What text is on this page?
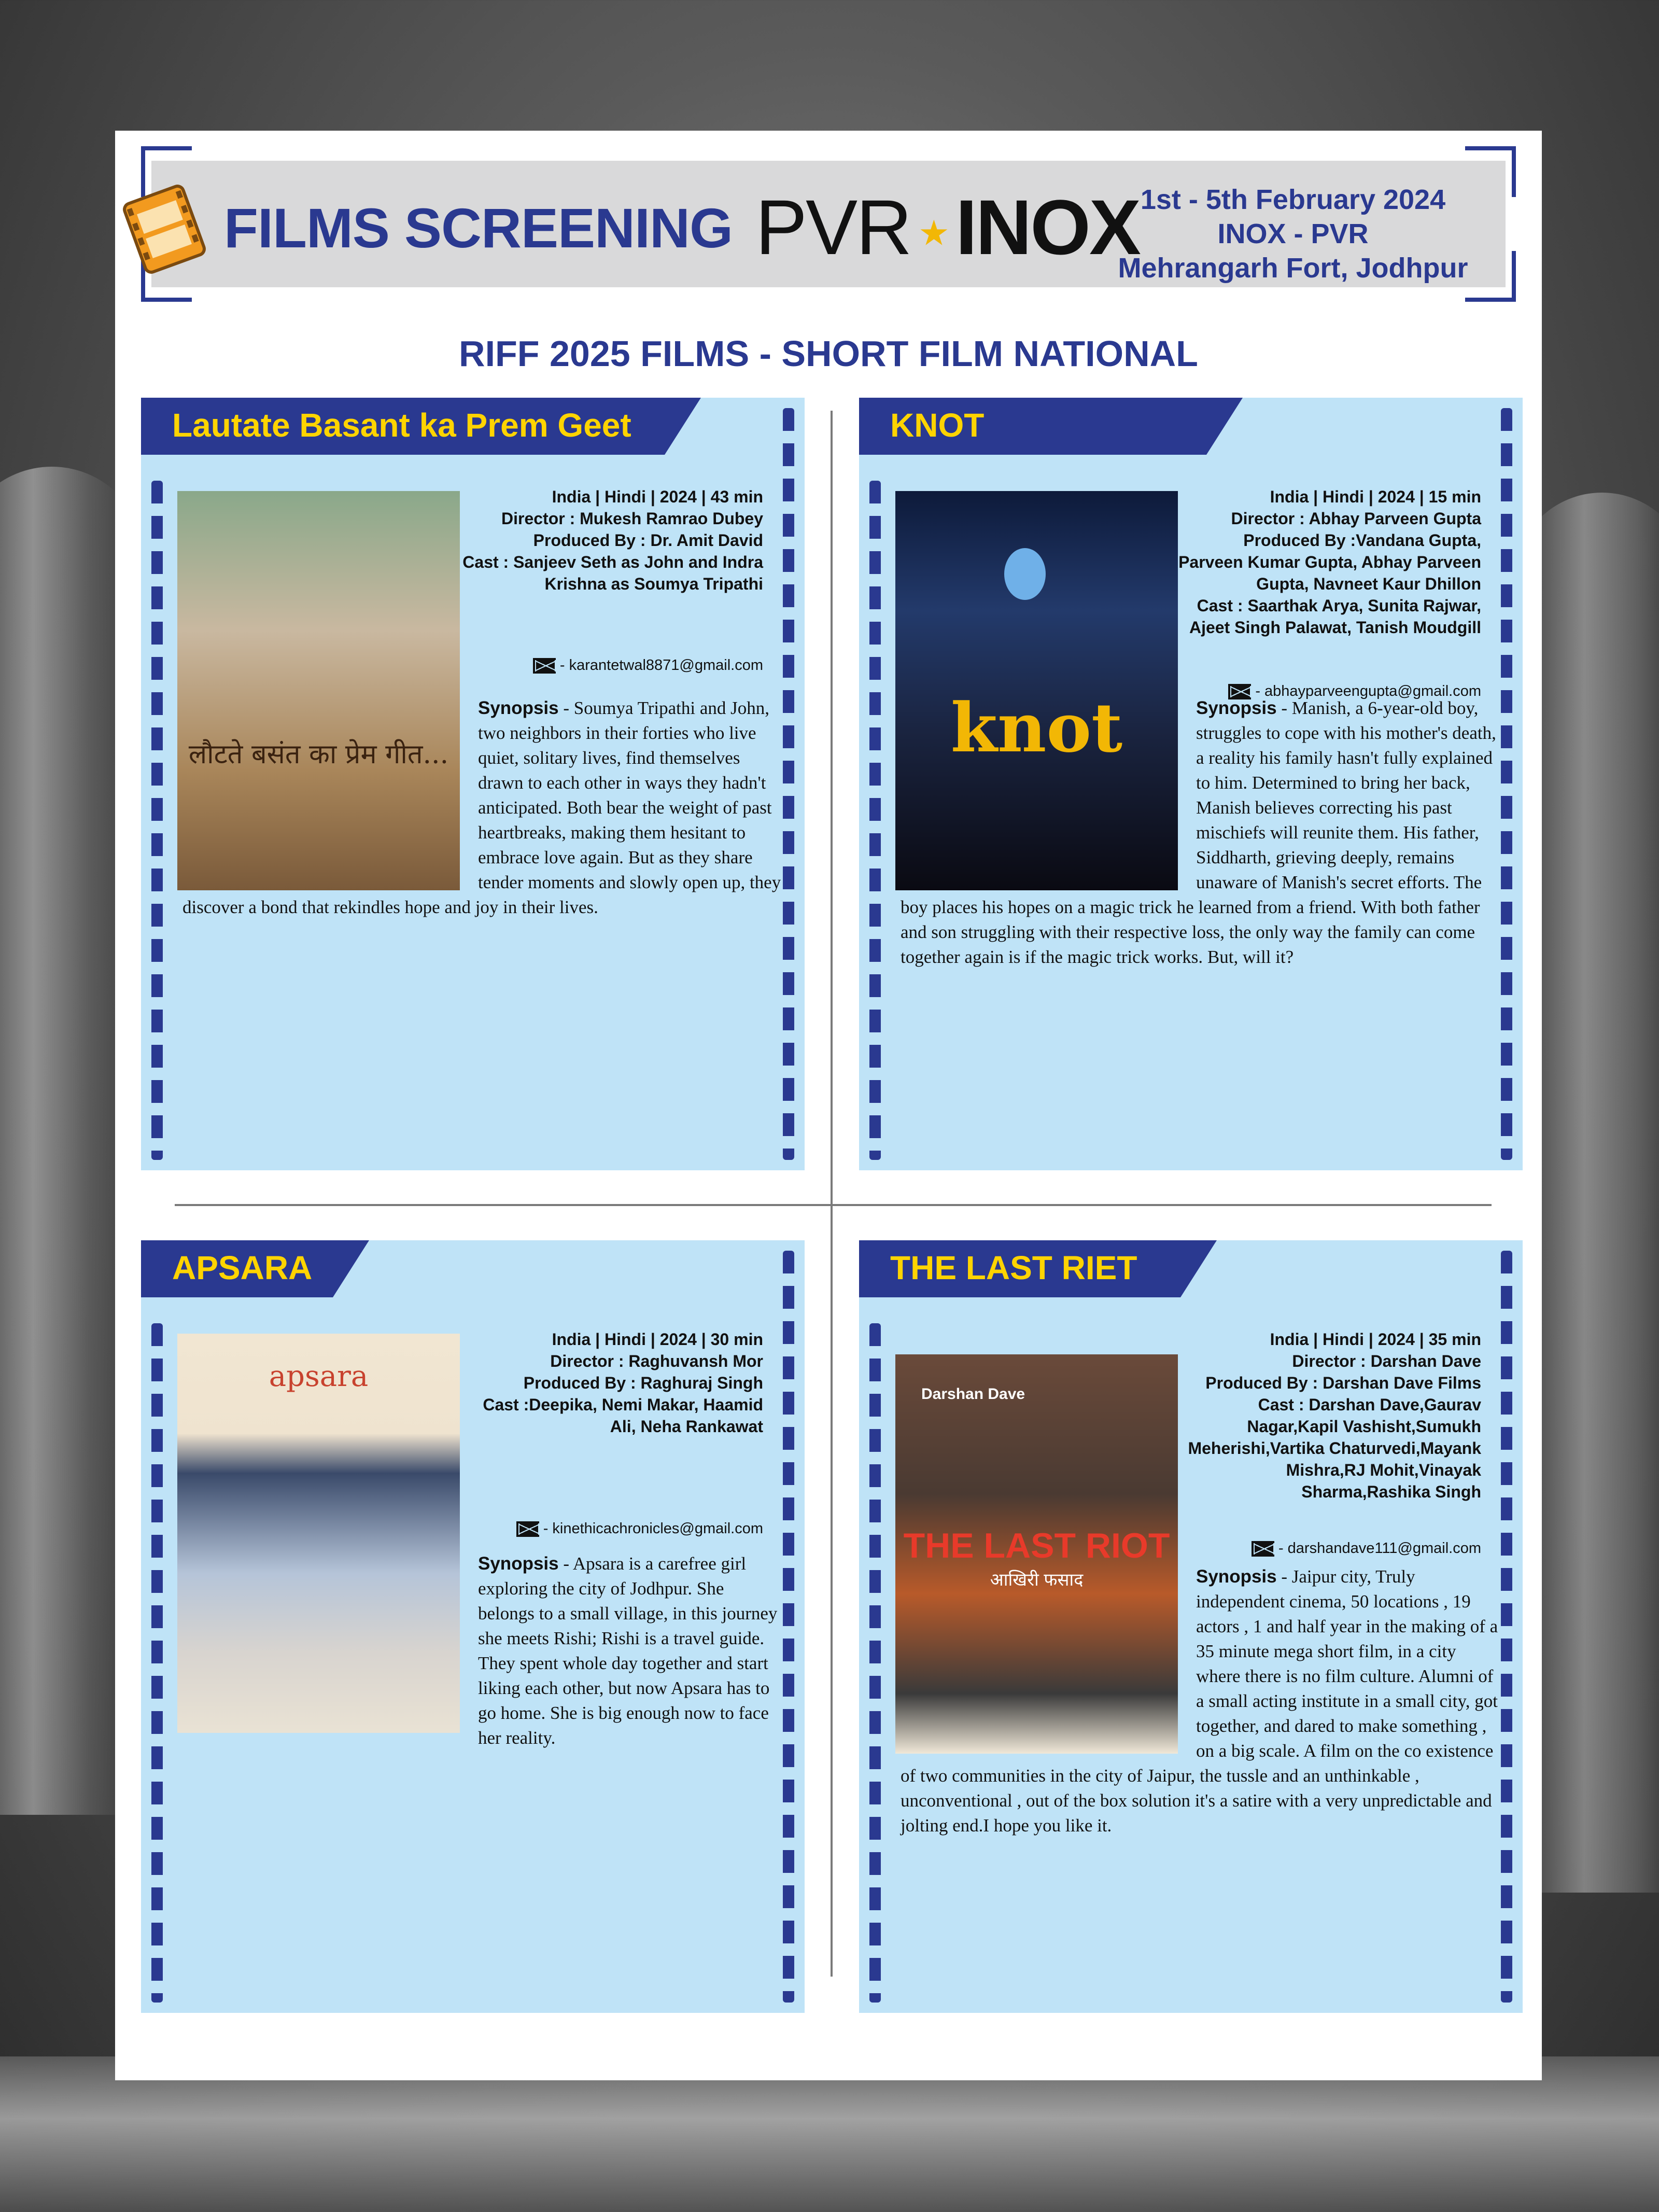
FILMS SCREENING PVR ★ INOX 1st - 5th February 2024
INOX - PVR
Mehrangarh Fort, Jodhpur
RIFF 2025 FILMS - SHORT FILM NATIONAL
Lautate Basant ka Prem Geet
लौटते बसंत का प्रेम गीत...
India | Hindi | 2024 | 43 min
Director : Mukesh Ramrao Dubey
Produced By : Dr. Amit David
Cast : Sanjeev Seth as John and Indra Krishna as Soumya Tripathi
- karantetwal8871@gmail.com
Synopsis - Soumya Tripathi and John, two neighbors in their forties who live quiet, solitary lives, find themselves drawn to each other in ways they hadn't anticipated. Both bear the weight of past heartbreaks, making them hesitant to embrace love again. But as they share tender moments and slowly open up, they discover a bond that rekindles hope and joy in their lives.
KNOT
knot
India | Hindi | 2024 | 15 min
Director : Abhay Parveen Gupta
Produced By :Vandana Gupta, Parveen Kumar Gupta, Abhay Parveen Gupta, Navneet Kaur Dhillon
Cast : Saarthak Arya, Sunita Rajwar, Ajeet Singh Palawat, Tanish Moudgill
- abhayparveengupta@gmail.com
Synopsis - Manish, a 6-year-old boy, struggles to cope with his mother's death, a reality his family hasn't fully explained to him. Determined to bring her back, Manish believes correcting his past mischiefs will reunite them. His father, Siddharth, grieving deeply, remains unaware of Manish's secret efforts. The boy places his hopes on a magic trick he learned from a friend. With both father and son struggling with their respective loss, the only way the family can come together again is if the magic trick works. But, will it?
APSARA
apsara
India | Hindi | 2024 | 30 min
Director : Raghuvansh Mor
Produced By : Raghuraj Singh
Cast :Deepika, Nemi Makar, Haamid Ali, Neha Rankawat
- kinethicachronicles@gmail.com
Synopsis - Apsara is a carefree girl exploring the city of Jodhpur. She belongs to a small village, in this journey she meets Rishi; Rishi is a travel guide. They spent whole day together and start liking each other, but now Apsara has to go home. She is big enough now to face her reality.
THE LAST RIET
Darshan Dave
THE LAST RIOT
आखिरी फसाद
India | Hindi | 2024 | 35 min
Director : Darshan Dave
Produced By : Darshan Dave Films
Cast : Darshan Dave,Gaurav Nagar,Kapil Vashisht,Sumukh Meherishi,Vartika Chaturvedi,Mayank Mishra,RJ Mohit,Vinayak Sharma,Rashika Singh
- darshandave111@gmail.com
Synopsis - Jaipur city, Truly independent cinema, 50 locations , 19 actors , 1 and half year in the making of a 35 minute mega short film, in a city where there is no film culture. Alumni of a small acting institute in a small city, got together, and dared to make something , on a big scale. A film on the co existence of two communities in the city of Jaipur, the tussle and an unthinkable , unconventional , out of the box solution it's a satire with a very unpredictable and jolting end.I hope you like it.
